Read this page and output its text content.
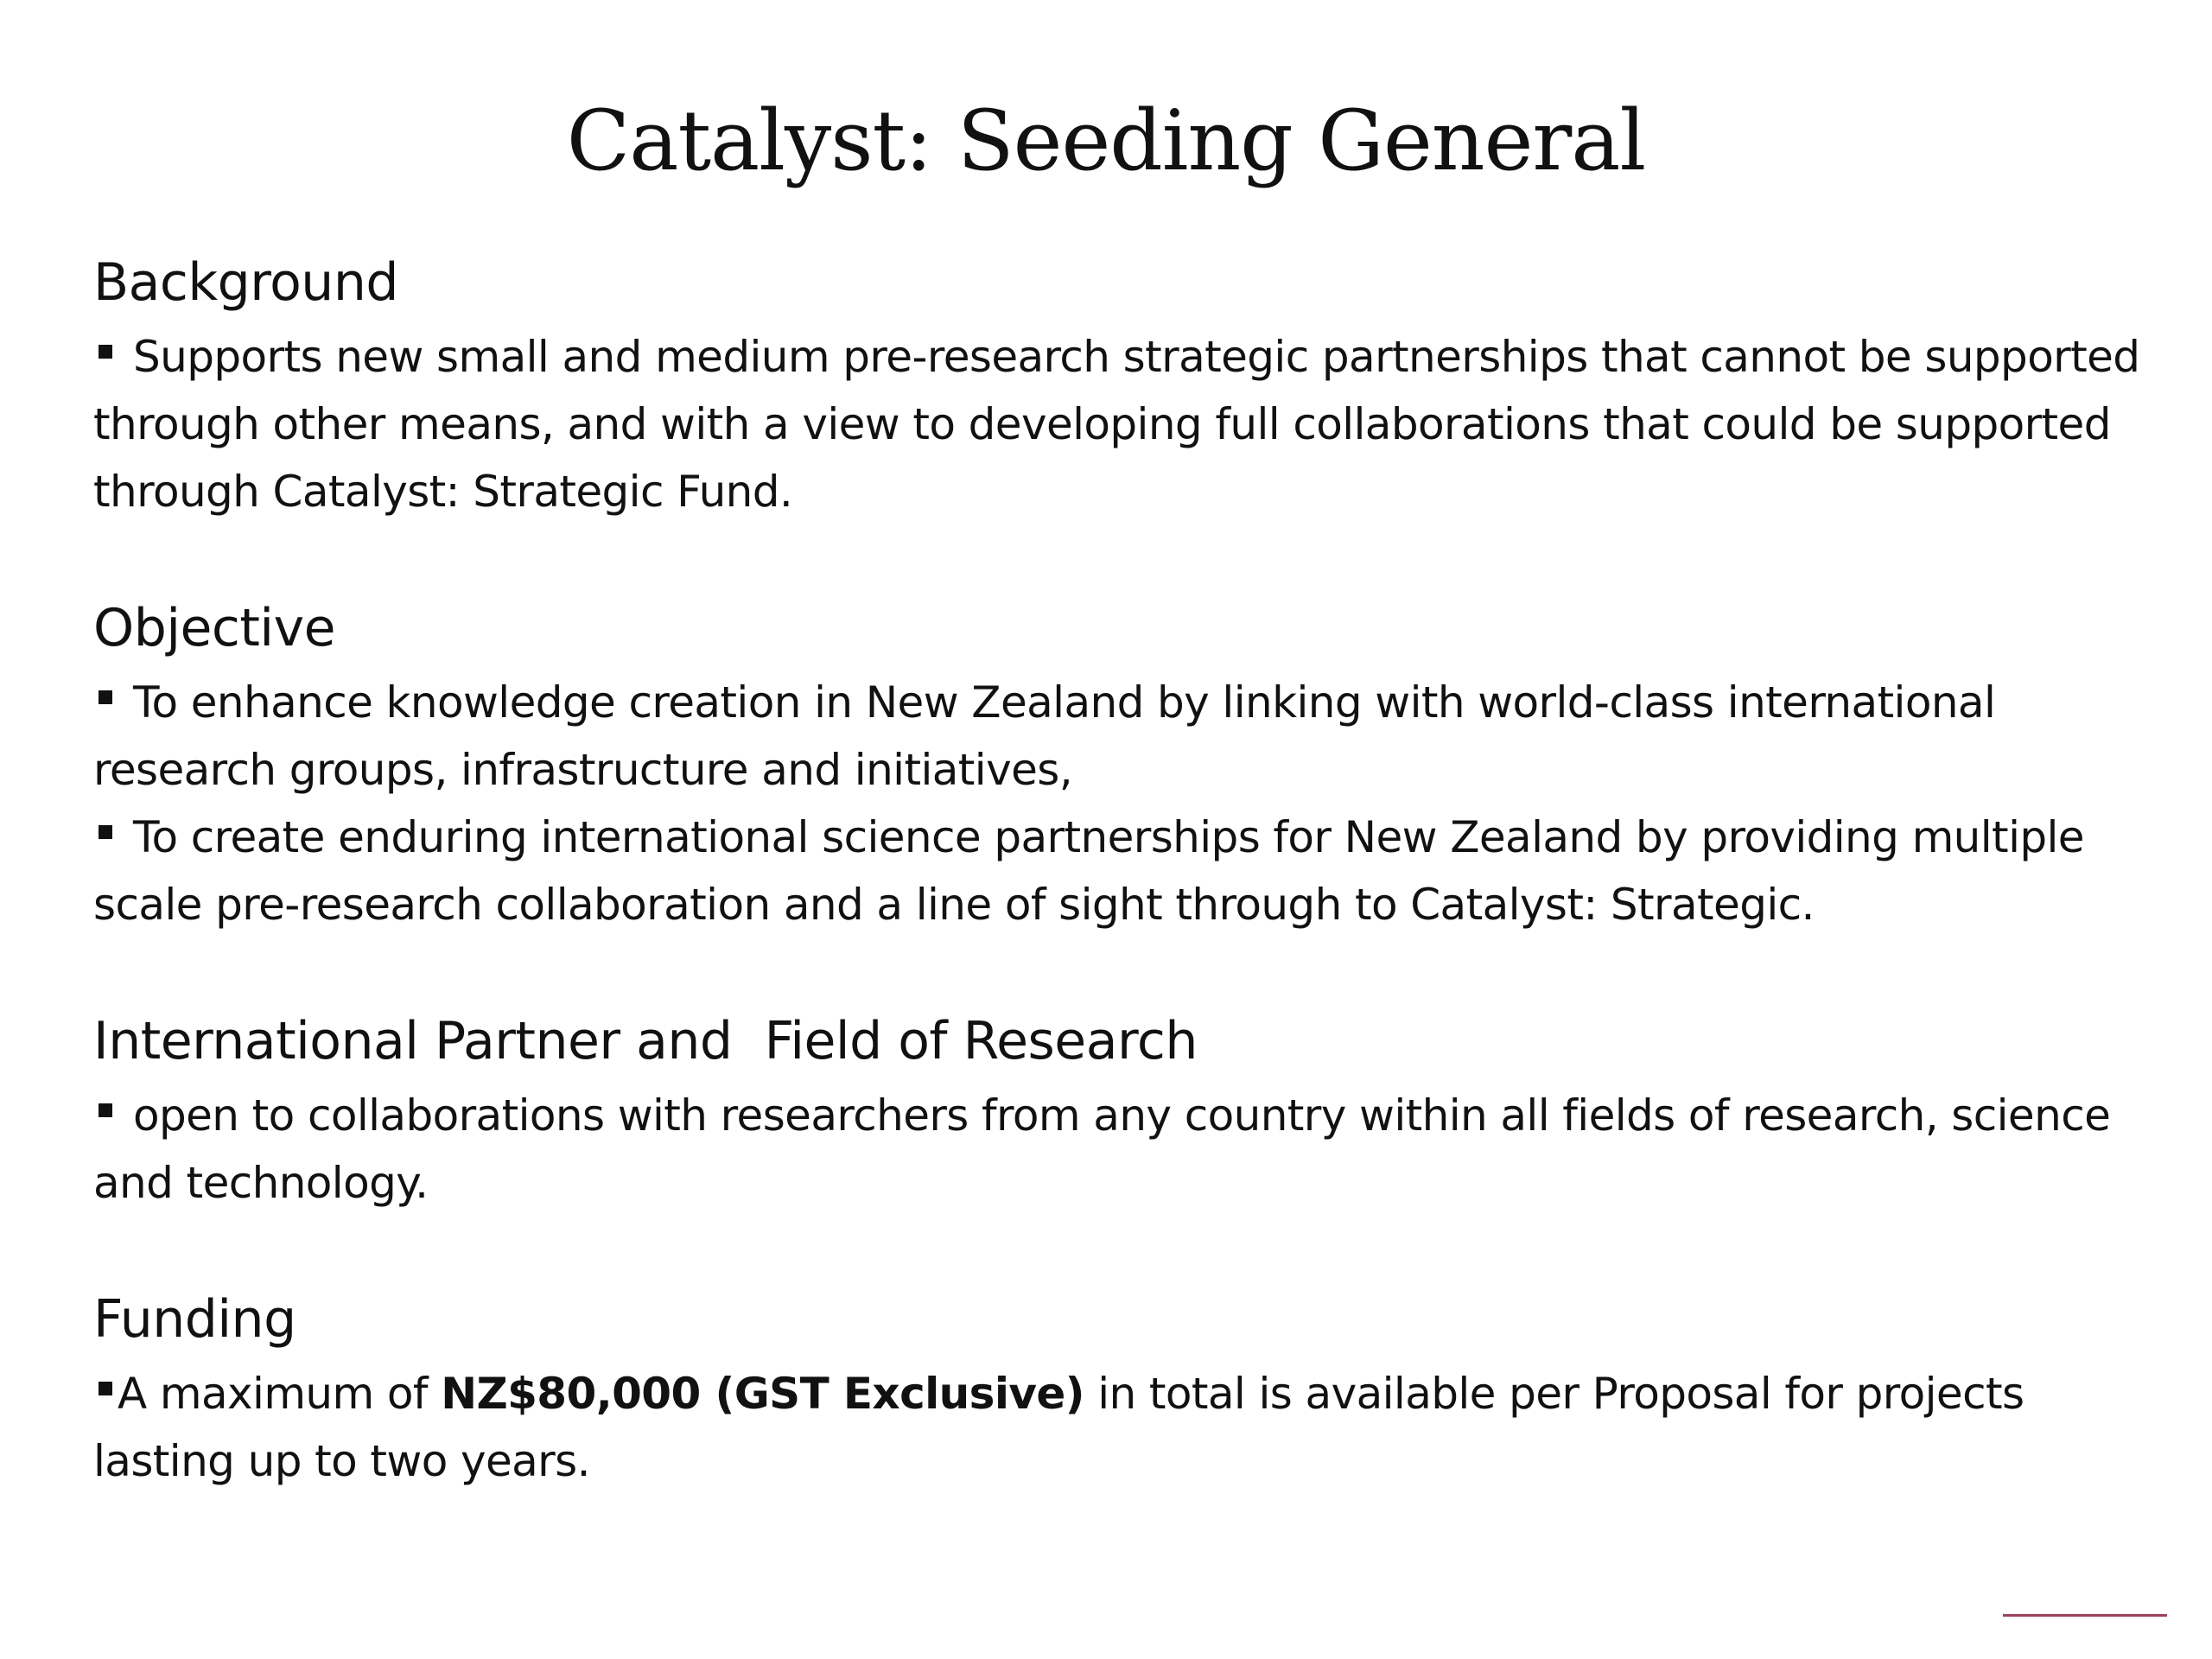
Catalyst: Seeding General
Background
Supports new small and medium pre-research strategic partnerships that cannot be supported through other means, and with a view to developing full collaborations that could be supported through Catalyst: Strategic Fund.
Objective
To enhance knowledge creation in New Zealand by linking with world-class international research groups, infrastructure and initiatives,
To create enduring international science partnerships for New Zealand by providing multiple scale pre-research collaboration and a line of sight through to Catalyst: Strategic.
International Partner and  Field of Research
open to collaborations with researchers from any country within all fields of research, science and technology.
Funding
A maximum of NZ$80,000 (GST Exclusive) in total is available per Proposal for projects lasting up to two years.
